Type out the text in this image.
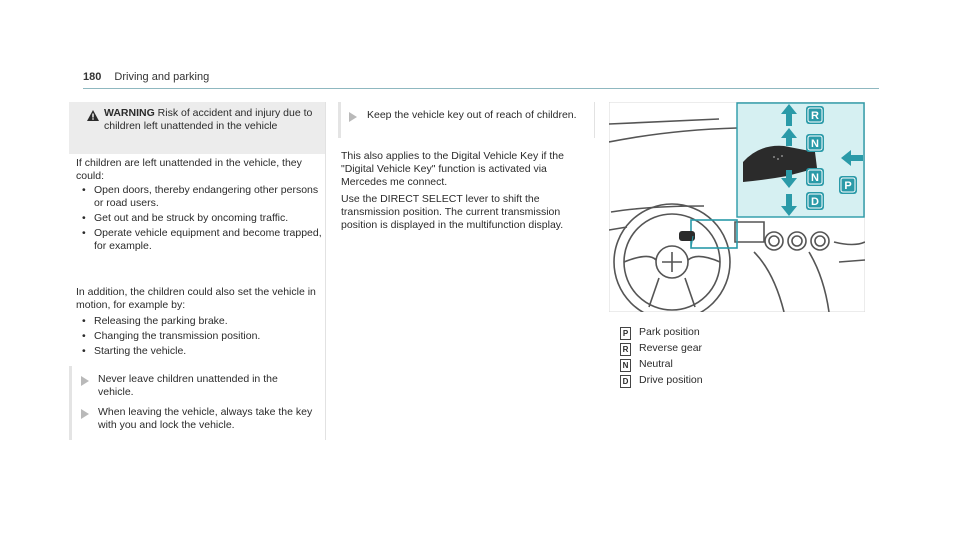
180 Driving and parking
WARNING Risk of accident and injury due to children left unattended in the vehicle
If children are left unattended in the vehicle, they could:
• Open doors, thereby endangering other persons or road users.
• Get out and be struck by oncoming traffic.
• Operate vehicle equipment and become trapped, for example.
In addition, the children could also set the vehicle in motion, for example by:
• Releasing the parking brake.
• Changing the transmission position.
• Starting the vehicle.
Never leave children unattended in the vehicle.
When leaving the vehicle, always take the key with you and lock the vehicle.
Keep the vehicle key out of reach of children.
This also applies to the Digital Vehicle Key if the "Digital Vehicle Key" function is activated via Mercedes me connect.
Use the DIRECT SELECT lever to shift the transmission position. The current transmission position is displayed in the multifunction display.
R
N
N
D
P
P Park position
R Reverse gear
N Neutral
D Drive position
